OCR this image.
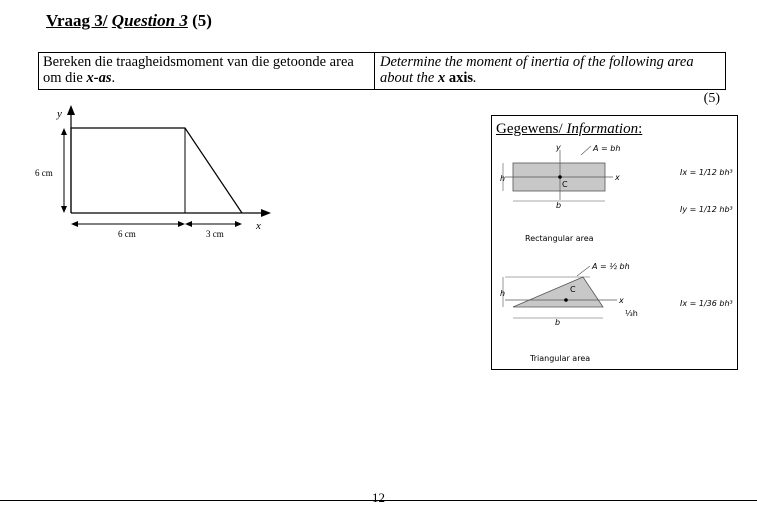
Vraag 3/ Question 3 (5)
Bereken die traagheidsmoment van die getoonde area om die x-as.
Determine the moment of inertia of the following area about the x axis.
(5)
y
6 cm
6 cm	3 cm
x
Gegewens/ Information:
y
x
C
h
b
A = bh
Ix = 1/12 bh³
Iy = 1/12 hb³
Rectangular area
C
x
h
b
⅓h
A = ½ bh
Ix = 1/36 bh³
Triangular area
12
